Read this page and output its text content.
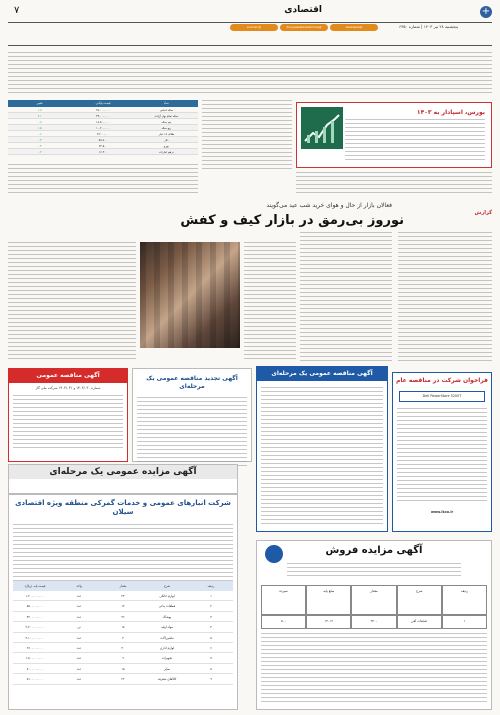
+
اقتصادی
۷
پنجشنبه ۲۸ تیر ۱۴۰۳ | شماره ۶۳۵۰
@asianews
@donyaeeqtesadonline
@ecoiran
بورس، اسپادار به ۱۴۰۳
نماد
قیمت پایانی
تغییر
سکه امامی
۳۸,۰۰۰,۰۰۰
۱.۷
سکه تمام بهار آزادی
۳۴,۰۰۰,۰۰۰
۲.۱
نیم سکه
۱۸,۵۰۰,۰۰۰
۰.۸
ربع سکه
۱۰,۲۰۰,۰۰۰
۱.۵
طلای ۱۸ عیار
۳,۲۰۰,۰۰۰
۰.۶
دلار
۵۹,۸۰۰
۰.۳
یورو
۶۴,۵۰۰
۰.۴
درهم امارات
۱۶,۳۰۰
۰.۲
فعالان بازار از حال و هوای خرید شب عید می‌گویند
نوروز بی‌رمق در بازار کیف و کفش	گزارش
آگهی مناقصه عمومی
شماره ۱۴۰۳/۰۳۰ و ۱۴۰۳/۰۳۱ شرکت ملی گاز
آگهی تجدید مناقصه عمومی یک مرحله‌ای
آگهی مناقصه عمومی یک مرحله‌ای
فراخوان شرکت در مناقصه عام
Dell PowerStore 5200T
www.ikco.ir
آگهی مزایده عمومی یک مرحله‌ای
شرکت انبارهای عمومی و خدمات گمرکی منطقه ویژه اقتصادی سیلان
ردیف
شرح
مقدار
واحد
قیمت پایه (ریال)
۱
لوازم خانگی
۲۴
عدد
۱,۲۰۰,۰۰۰,۰۰۰
۲
قطعات یدکی
۱۲
عدد
۸۵۰,۰۰۰,۰۰۰
۳
پوشاک
۳۶
عدد
۴۲۰,۰۰۰,۰۰۰
۴
مواد اولیه
۱۸
تن
۲,۳۰۰,۰۰۰,۰۰۰
۵
ماشین‌آلات
۴
عدد
۳,۱۰۰,۰۰۰,۰۰۰
۶
لوازم اداری
۴۰
عدد
۲۶۰,۰۰۰,۰۰۰
۷
تجهیزات
۹
عدد
۱,۸۰۰,۰۰۰,۰۰۰
۸
سایر
۱۵
عدد
۷۰۰,۰۰۰,۰۰۰
۹
کالاهای متفرقه
۲۲
عدد
۵۱۰,۰۰۰,۰۰۰
آگهی مزایده فروش
ردیف
شرح
مقدار
مبلغ پایه
سپرده
۱
ضایعات آهن
۲۴۰۰
۱۴۰۱۲
۵۰۰
